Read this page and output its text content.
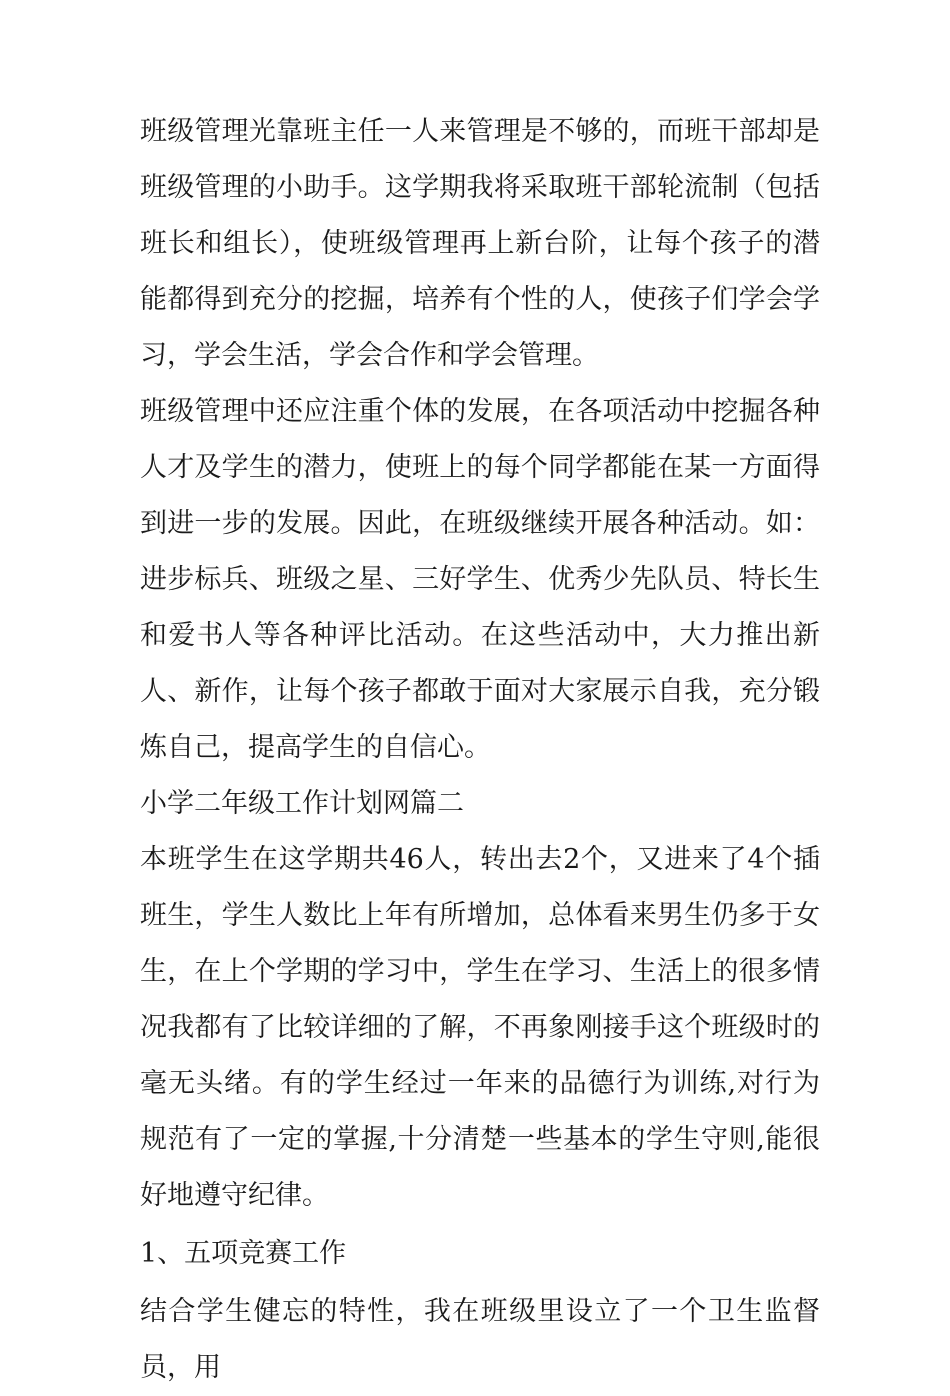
班级管理光靠班主任一人来管理是不够的，而班干部却是班级管理的小助手。这学期我将采取班干部轮流制（包括班长和组长），使班级管理再上新台阶，让每个孩子的潜能都得到充分的挖掘，培养有个性的人，使孩子们学会学习，学会生活，学会合作和学会管理。

班级管理中还应注重个体的发展，在各项活动中挖掘各种人才及学生的潜力，使班上的每个同学都能在某一方面得到进一步的发展。因此，在班级继续开展各种活动。如：进步标兵、班级之星、三好学生、优秀少先队员、特长生和爱书人等各种评比活动。在这些活动中，大力推出新人、新作，让每个孩子都敢于面对大家展示自我，充分锻炼自己，提高学生的自信心。

小学二年级工作计划网篇二

本班学生在这学期共46人，转出去2个，又进来了4个插班生，学生人数比上年有所增加，总体看来男生仍多于女生，在上个学期的学习中，学生在学习、生活上的很多情况我都有了比较详细的了解，不再象刚接手这个班级时的毫无头绪。有的学生经过一年来的品德行为训练,对行为规范有了一定的掌握,十分清楚一些基本的学生守则,能很好地遵守纪律。

1、五项竞赛工作

结合学生健忘的特性，我在班级里设立了一个卫生监督员，用
